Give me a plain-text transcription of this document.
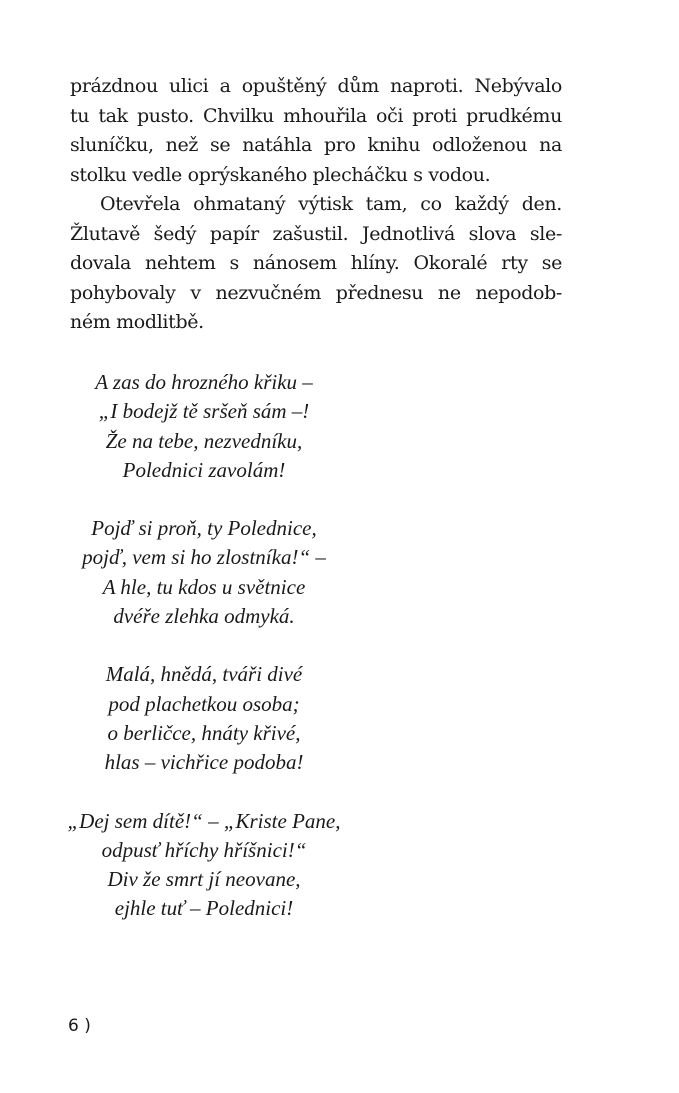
prázdnou ulici a opuštěný dům naproti. Nebývalo
tu tak pusto. Chvilku mhouřila oči proti prudkému
sluníčku, než se natáhla pro knihu odloženou na
stolku vedle oprýskaného plecháčku s vodou.

Otevřela ohmataný výtisk tam, co každý den.
Žlutavě šedý papír zašustil. Jednotlivá slova sle-
dovala nehtem s nánosem hlíny. Okoralé rty se
pohybovaly v nezvučném přednesu ne nepodob-
ném modlitbě.

A zas do hrozného křiku –
„I bodejž tě sršeň sám –!
Že na tebe, nezvedníku,
Polednici zavolám!
Pojď si proň, ty Polednice,
pojď, vem si ho zlostníka!“ –
A hle, tu kdos u světnice
dvéře zlehka odmyká.
Malá, hnědá, tváři divé
pod plachetkou osoba;
o berličce, hnáty křivé,
hlas – vichřice podoba!
„Dej sem dítě!“ – „Kriste Pane,
odpusť hříchy hříšnici!“
Div že smrt jí neovane,
ejhle tuť – Polednici!
6 )
